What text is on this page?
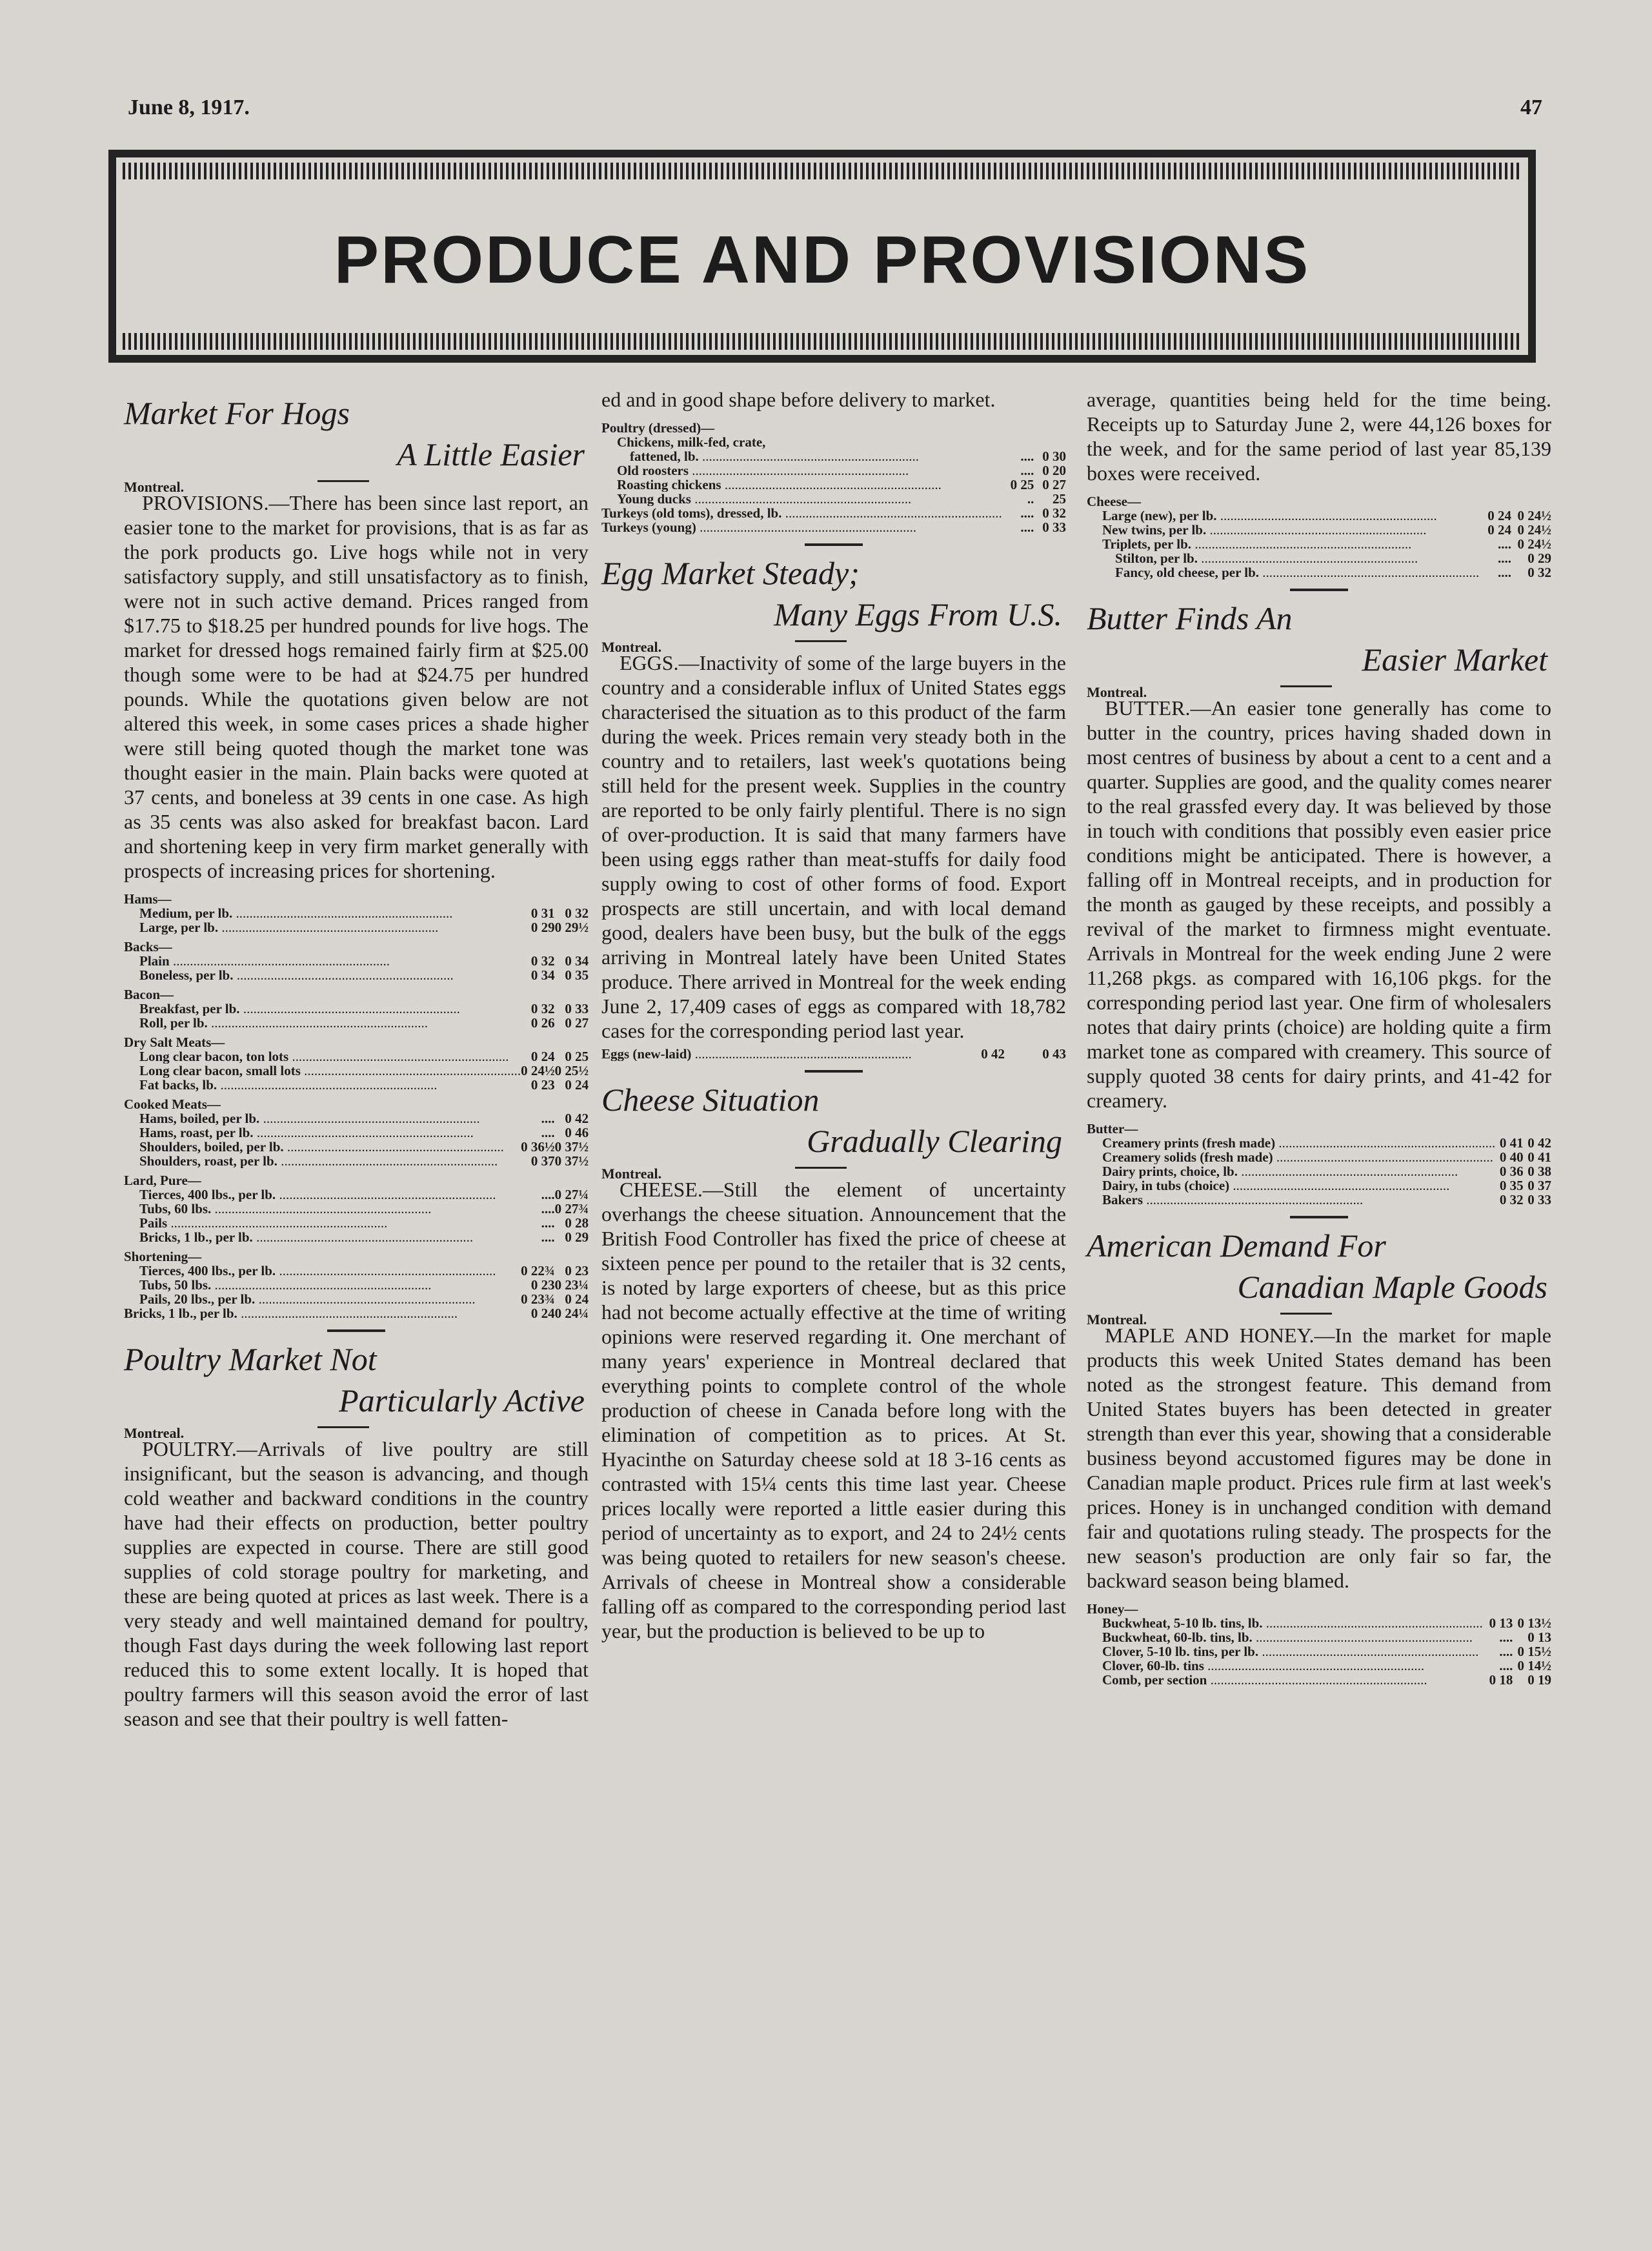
June 8, 1917.	47
PRODUCE AND PROVISIONS
Market For Hogs
A Little Easier
Montreal.

PROVISIONS.—There has been since last report, an easier tone to the market for provisions, that is as far as the pork products go. Live hogs while not in very satisfactory supply, and still unsatisfactory as to finish, were not in such active demand. Prices ranged from $17.75 to $18.25 per hundred pounds for live hogs. The market for dressed hogs remained fairly firm at $25.00 though some were to be had at $24.75 per hundred pounds. While the quotations given below are not altered this week, in some cases prices a shade higher were still being quoted though the market tone was thought easier in the main. Plain backs were quoted at 37 cents, and boneless at 39 cents in one case. As high as 35 cents was also asked for breakfast bacon. Lard and shortening keep in very firm market generally with prospects of increasing prices for shortening.

Hams—		
Medium, per lb. .....	0 31	0 32
Large, per lb. .....	0 29	0 29½
Backs—		
Plain .....	0 32	0 34
Boneless, per lb. .....	0 34	0 35
Bacon—		
Breakfast, per lb. .....	0 32	0 33
Roll, per lb. .....	0 26	0 27
Dry Salt Meats—		
Long clear bacon, ton lots .....	0 24	0 25
Long clear bacon, small lots .....	0 24½	0 25½
Fat backs, lb. .....	0 23	0 24
Cooked Meats—		
Hams, boiled, per lb. .....	....	0 42
Hams, roast, per lb. .....	....	0 46
Shoulders, boiled, per lb. .....	0 36½	0 37½
Shoulders, roast, per lb. .....	0 37	0 37½
Lard, Pure—		
Tierces, 400 lbs., per lb. .....	....	0 27¼
Tubs, 60 lbs. .....	....	0 27¾
Pails .....	....	0 28
Bricks, 1 lb., per lb. .....	....	0 29
Shortening—		
Tierces, 400 lbs., per lb. .....	0 22¾	0 23
Tubs, 50 lbs. .....	0 23	0 23¼
Pails, 20 lbs., per lb. .....	0 23¾	0 24
Bricks, 1 lb., per lb. .....	0 24	0 24¼
Poultry Market Not
Particularly Active
Montreal.

POULTRY.—Arrivals of live poultry are still insignificant, but the season is advancing, and though cold weather and backward conditions in the country have had their effects on production, better poultry supplies are expected in course. There are still good supplies of cold storage poultry for marketing, and these are being quoted at prices as last week. There is a very steady and well maintained demand for poultry, though Fast days during the week following last report reduced this to some extent locally. It is hoped that poultry farmers will this season avoid the error of last season and see that their poultry is well fatten-

ed and in good shape before delivery to market.

Poultry (dressed)—		
Chickens, milk-fed, crate,		
fattened, lb. .....	....	0 30
Old roosters .....	....	0 20
Roasting chickens .....	0 25	0 27
Young ducks .....	..	25
Turkeys (old toms), dressed, lb. .....	....	0 32
Turkeys (young) .....	....	0 33
Egg Market Steady;
Many Eggs From U.S.
Montreal.

EGGS.—Inactivity of some of the large buyers in the country and a considerable influx of United States eggs characterised the situation as to this product of the farm during the week. Prices remain very steady both in the country and to retailers, last week's quotations being still held for the present week. Supplies in the country are reported to be only fairly plentiful. There is no sign of over-production. It is said that many farmers have been using eggs rather than meat-stuffs for daily food supply owing to cost of other forms of food. Export prospects are still uncertain, and with local demand good, dealers have been busy, but the bulk of the eggs arriving in Montreal lately have been United States produce. There arrived in Montreal for the week ending June 2, 17,409 cases of eggs as compared with 18,782 cases for the corresponding period last year.

Eggs (new-laid) .....	0 42	0 43
Cheese Situation
Gradually Clearing
Montreal.

CHEESE.—Still the element of uncertainty overhangs the cheese situation. Announcement that the British Food Controller has fixed the price of cheese at sixteen pence per pound to the retailer that is 32 cents, is noted by large exporters of cheese, but as this price had not become actually effective at the time of writing opinions were reserved regarding it. One merchant of many years' experience in Montreal declared that everything points to complete control of the whole production of cheese in Canada before long with the elimination of competition as to prices. At St. Hyacinthe on Saturday cheese sold at 18 3-16 cents as contrasted with 15¼ cents this time last year. Cheese prices locally were reported a little easier during this period of uncertainty as to export, and 24 to 24½ cents was being quoted to retailers for new season's cheese. Arrivals of cheese in Montreal show a considerable falling off as compared to the corresponding period last year, but the production is believed to be up to

average, quantities being held for the time being. Receipts up to Saturday June 2, were 44,126 boxes for the week, and for the same period of last year 85,139 boxes were received.

Cheese—		
Large (new), per lb. .....	0 24	0 24½
New twins, per lb. .....	0 24	0 24½
Triplets, per lb. .....	....	0 24½
Stilton, per lb. .....	....	0 29
Fancy, old cheese, per lb. .....	....	0 32
Butter Finds An
Easier Market
Montreal.

BUTTER.—An easier tone generally has come to butter in the country, prices having shaded down in most centres of business by about a cent to a cent and a quarter. Supplies are good, and the quality comes nearer to the real grassfed every day. It was believed by those in touch with conditions that possibly even easier price conditions might be anticipated. There is however, a falling off in Montreal receipts, and in production for the month as gauged by these receipts, and possibly a revival of the market to firmness might eventuate. Arrivals in Montreal for the week ending June 2 were 11,268 pkgs. as compared with 16,106 pkgs. for the corresponding period last year. One firm of wholesalers notes that dairy prints (choice) are holding quite a firm market tone as compared with creamery. This source of supply quoted 38 cents for dairy prints, and 41-42 for creamery.

Butter—		
Creamery prints (fresh made) .....	0 41	0 42
Creamery solids (fresh made) .....	0 40	0 41
Dairy prints, choice, lb. .....	0 36	0 38
Dairy, in tubs (choice) .....	0 35	0 37
Bakers .....	0 32	0 33
American Demand For
Canadian Maple Goods
Montreal.

MAPLE AND HONEY.—In the market for maple products this week United States demand has been noted as the strongest feature. This demand from United States buyers has been detected in greater strength than ever this year, showing that a considerable business beyond accustomed figures may be done in Canadian maple product. Prices rule firm at last week's prices. Honey is in unchanged condition with demand fair and quotations ruling steady. The prospects for the new season's production are only fair so far, the backward season being blamed.

Honey—		
Buckwheat, 5-10 lb. tins, lb. .....	0 13	0 13½
Buckwheat, 60-lb. tins, lb. .....	....	0 13
Clover, 5-10 lb. tins, per lb. .....	....	0 15½
Clover, 60-lb. tins .....	....	0 14½
Comb, per section .....	0 18	0 19
